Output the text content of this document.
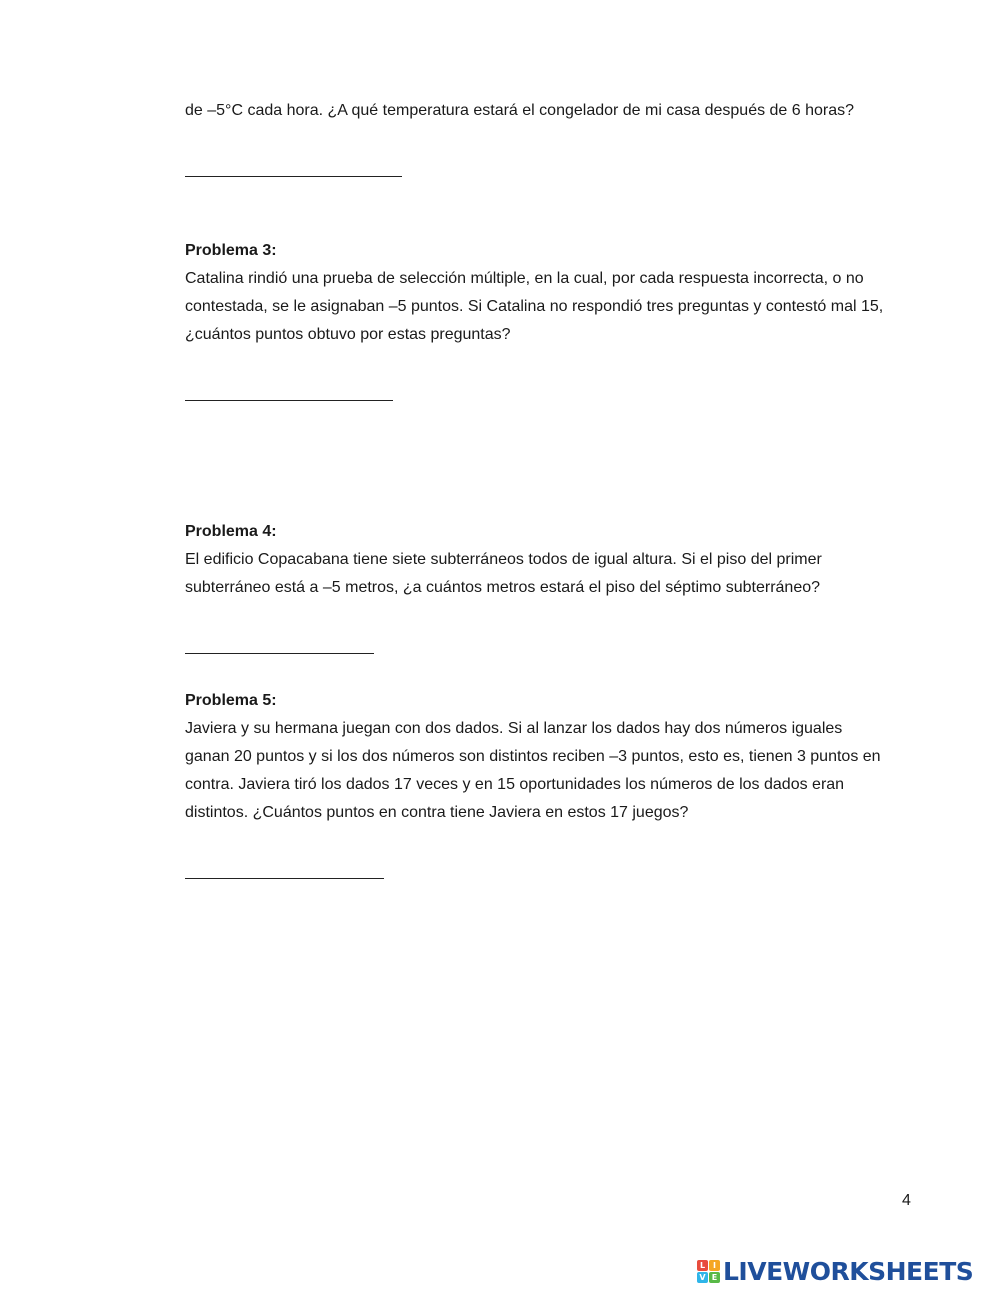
de –5°C cada hora. ¿A qué temperatura estará el congelador de mi casa después de 6 horas?

Problema 3:

Catalina rindió una prueba de selección múltiple, en la cual, por cada respuesta incorrecta, o no

contestada, se le asignaban –5 puntos. Si Catalina no respondió tres preguntas y contestó mal 15,

¿cuántos puntos obtuvo por estas preguntas?

Problema 4:

El edificio Copacabana tiene siete subterráneos todos de igual altura. Si el piso del primer

subterráneo está a –5 metros, ¿a cuántos metros estará el piso del séptimo subterráneo?

Problema 5:

Javiera y su hermana juegan con dos dados. Si al lanzar los dados hay dos números iguales

ganan 20 puntos y si los dos números son distintos reciben –3 puntos, esto es, tienen 3 puntos en

contra. Javiera tiró los dados 17 veces y en 15 oportunidades los números de los dados eran

distintos. ¿Cuántos puntos en contra tiene Javiera en estos 17 juegos?

4
L I
V E LIVEWORKSHEETS
